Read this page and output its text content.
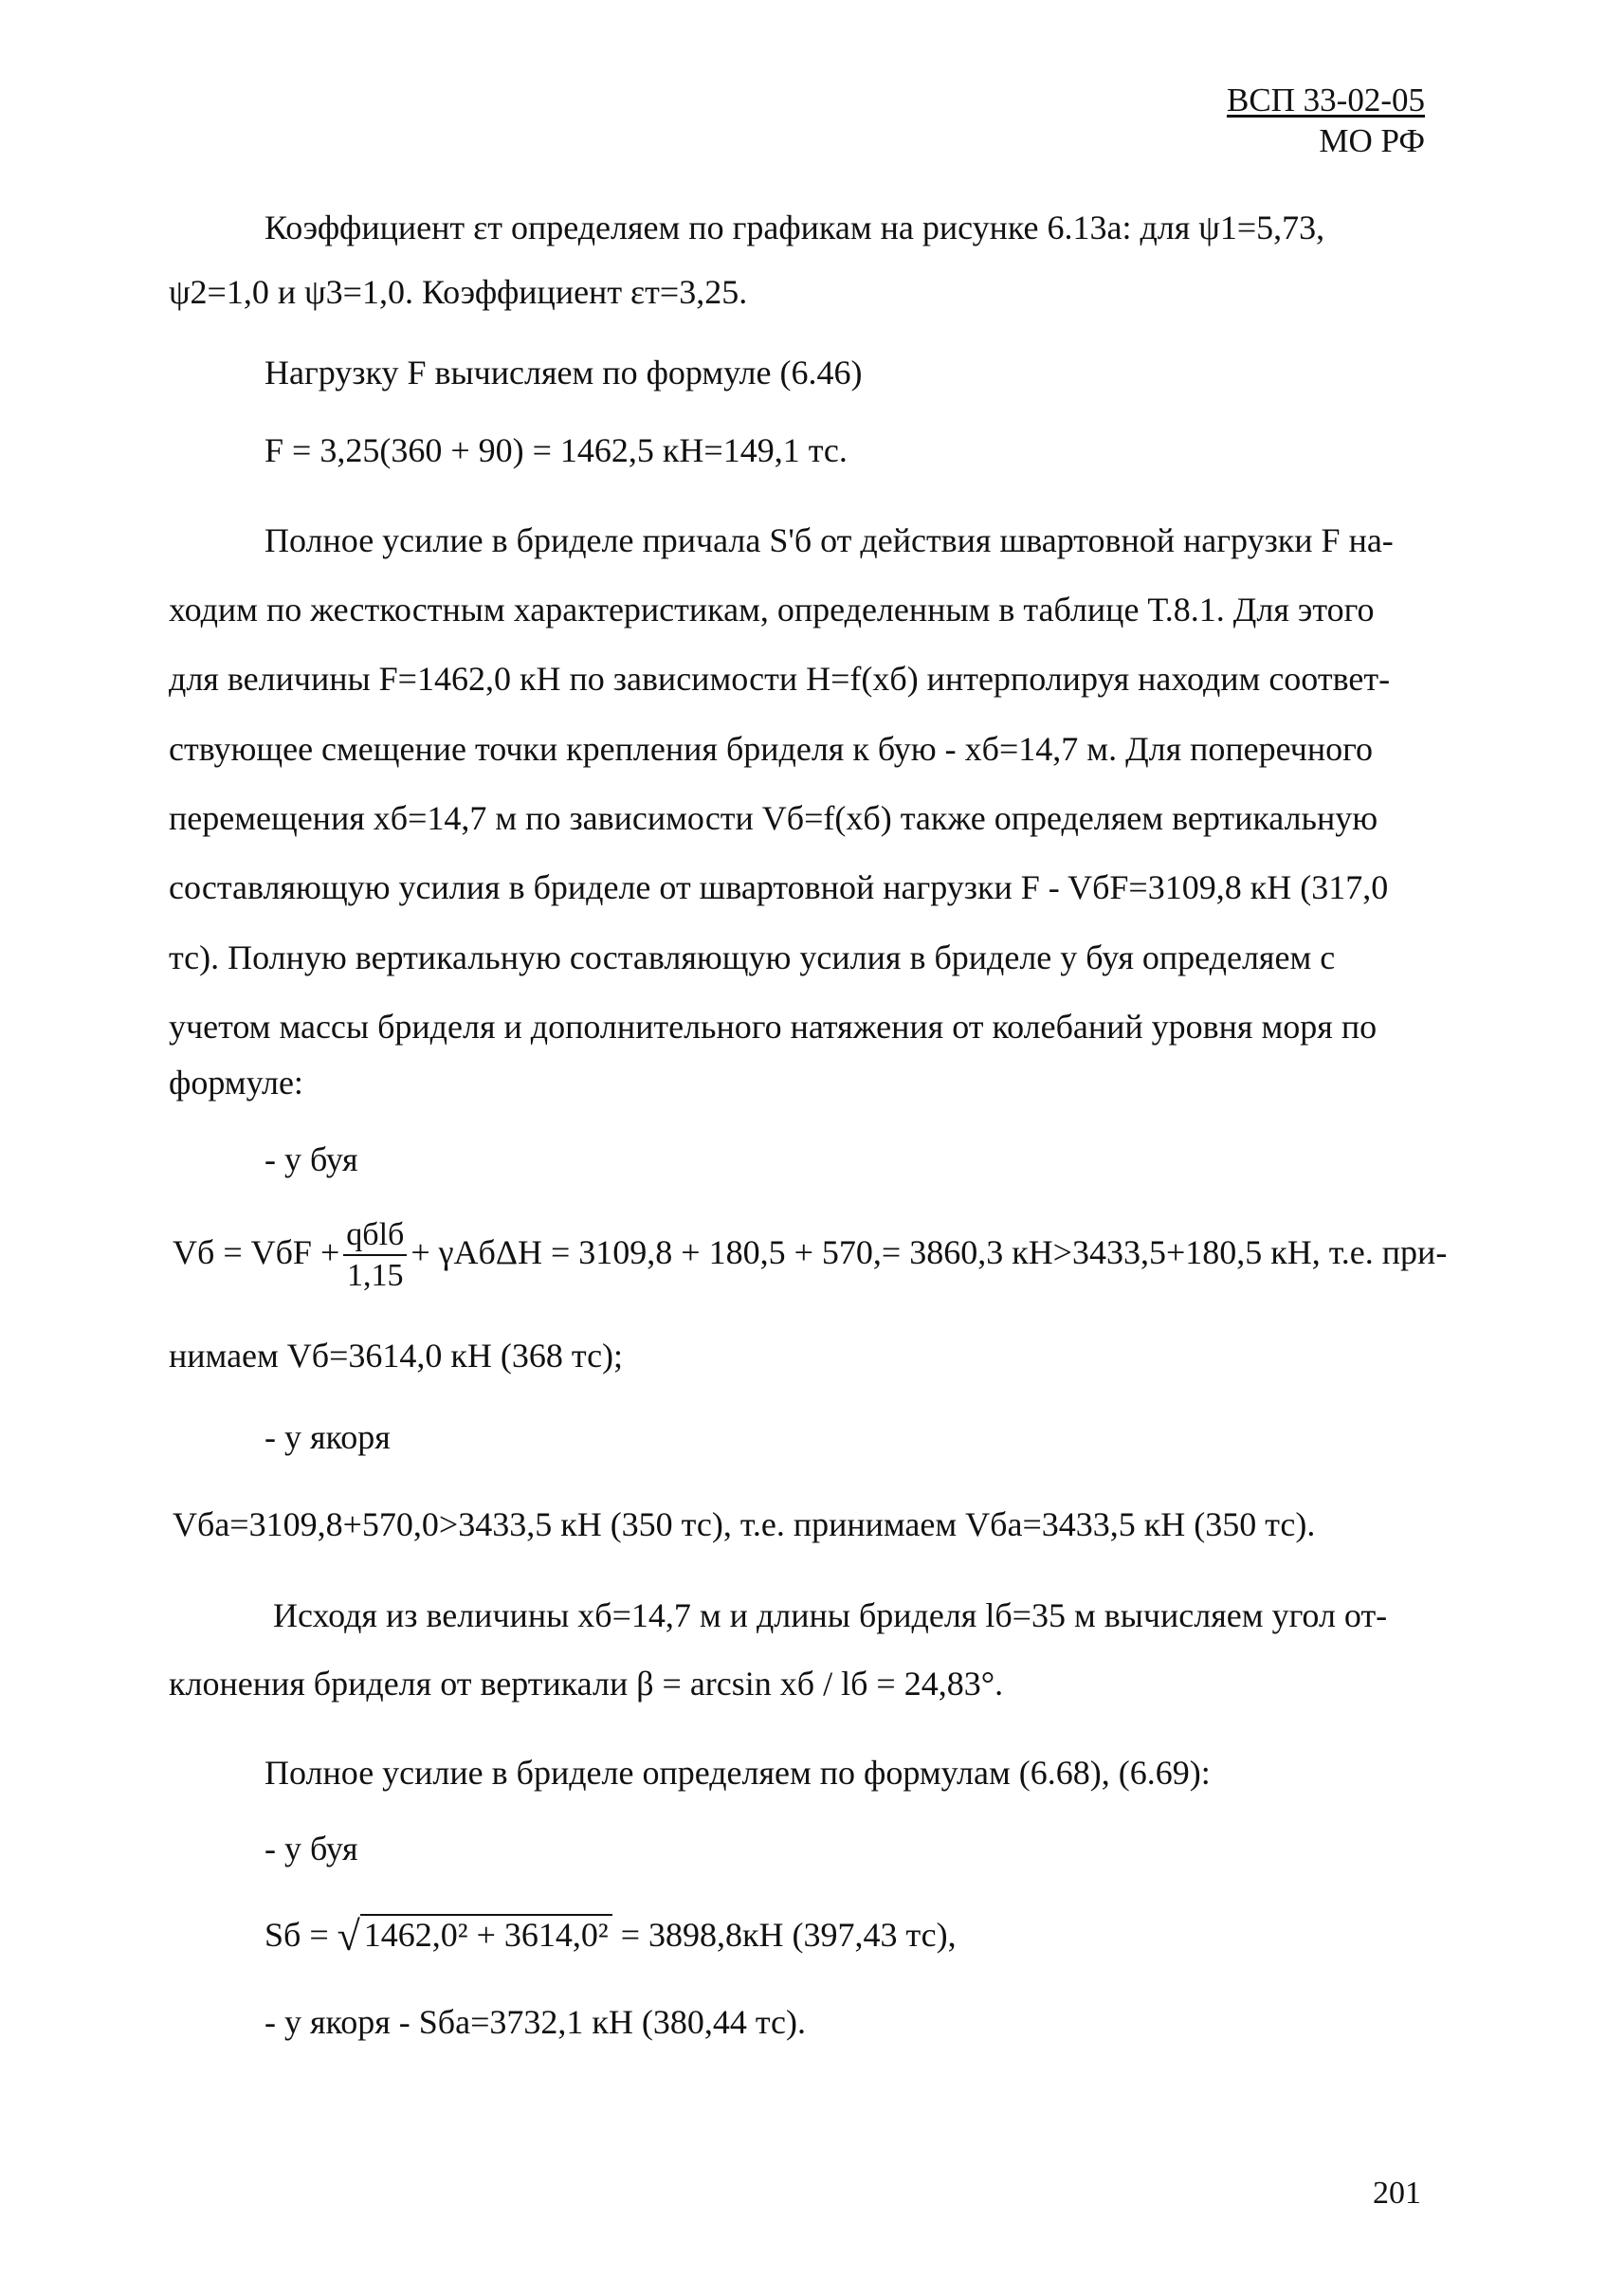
ВСП 33-02-05
МО РФ
Коэффициент εт определяем по графикам на рисунке 6.13а: для ψ1=5,73,
ψ2=1,0 и ψ3=1,0. Коэффициент εт=3,25.
Нагрузку F вычисляем по формуле (6.46)
F = 3,25(360 + 90) = 1462,5 кН=149,1 тс.
Полное усилие в бриделе причала S'б от действия швартовной нагрузки F на-
ходим по жесткостным характеристикам, определенным в таблице Т.8.1. Для этого
для величины F=1462,0 кН по зависимости H=f(xб) интерполируя находим соответ-
ствующее смещение точки крепления бриделя к бую - xб=14,7 м. Для поперечного
перемещения xб=14,7 м по зависимости Vб=f(xб) также определяем вертикальную
составляющую усилия в бриделе от швартовной нагрузки F - VбF=3109,8 кН (317,0
тс). Полную вертикальную составляющую усилия в бриделе у буя определяем с
учетом массы бриделя и дополнительного натяжения от колебаний уровня моря по
формуле:
- у буя
Vб = VбF + $\frac{\text{qбlб}}{1,15} + \gamma Aб\Delta H = 3109,8 + 180,5 + 570,= 3860,3$ кН>3433,5+180,5 кН, т.е. при-
нимаем Vб=3614,0 кН (368 тс);
- у якоря
Vба=3109,8+570,0>3433,5 кН (350 тс), т.е. принимаем Vба=3433,5 кН (350 тс).
Исходя из величины xб=14,7 м и длины бриделя lб=35 м вычисляем угол от-
клонения бриделя от вертикали β = arcsin xб / lб = 24,83°.
Полное усилие в бриделе определяем по формулам (6.68), (6.69):
- у буя
Sб = √ 1462,0² + 3614,0² = 3898,8кН (397,43 тс),
- у якоря - Sба=3732,1 кН (380,44 тс).
201
